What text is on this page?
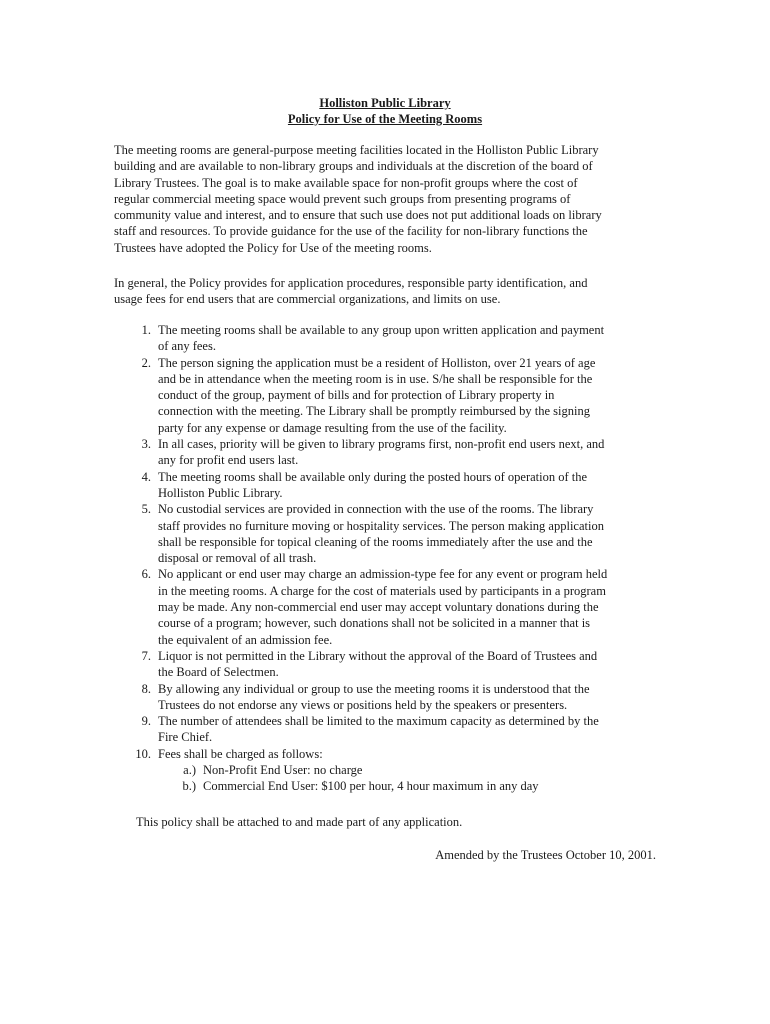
Holliston Public Library
Policy for Use of the Meeting Rooms
The meeting rooms are general-purpose meeting facilities located in the Holliston Public Library
building and are available to non-library groups and individuals at the discretion of the board of
Library Trustees. The goal is to make available space for non-profit groups where the cost of
regular commercial meeting space would prevent such groups from presenting programs of
community value and interest, and to ensure that such use does not put additional loads on library
staff and resources. To provide guidance for the use of the facility for non-library functions the
Trustees have adopted the Policy for Use of the meeting rooms.
In general, the Policy provides for application procedures, responsible party identification, and
usage fees for end users that are commercial organizations, and limits on use.
1. The meeting rooms shall be available to any group upon written application and payment
of any fees.
2. The person signing the application must be a resident of Holliston, over 21 years of age
and be in attendance when the meeting room is in use. S/he shall be responsible for the
conduct of the group, payment of bills and for protection of Library property in
connection with the meeting. The Library shall be promptly reimbursed by the signing
party for any expense or damage resulting from the use of the facility.
3. In all cases, priority will be given to library programs first, non-profit end users next, and
any for profit end users last.
4. The meeting rooms shall be available only during the posted hours of operation of the
Holliston Public Library.
5. No custodial services are provided in connection with the use of the rooms. The library
staff provides no furniture moving or hospitality services. The person making application
shall be responsible for topical cleaning of the rooms immediately after the use and the
disposal or removal of all trash.
6. No applicant or end user may charge an admission-type fee for any event or program held
in the meeting rooms. A charge for the cost of materials used by participants in a program
may be made. Any non-commercial end user may accept voluntary donations during the
course of a program; however, such donations shall not be solicited in a manner that is
the equivalent of an admission fee.
7. Liquor is not permitted in the Library without the approval of the Board of Trustees and
the Board of Selectmen.
8. By allowing any individual or group to use the meeting rooms it is understood that the
Trustees do not endorse any views or positions held by the speakers or presenters.
9. The number of attendees shall be limited to the maximum capacity as determined by the
Fire Chief.
10. Fees shall be charged as follows:
a.) Non-Profit End User: no charge
b.) Commercial End User: $100 per hour, 4 hour maximum in any day
This policy shall be attached to and made part of any application.
Amended by the Trustees October 10, 2001.
